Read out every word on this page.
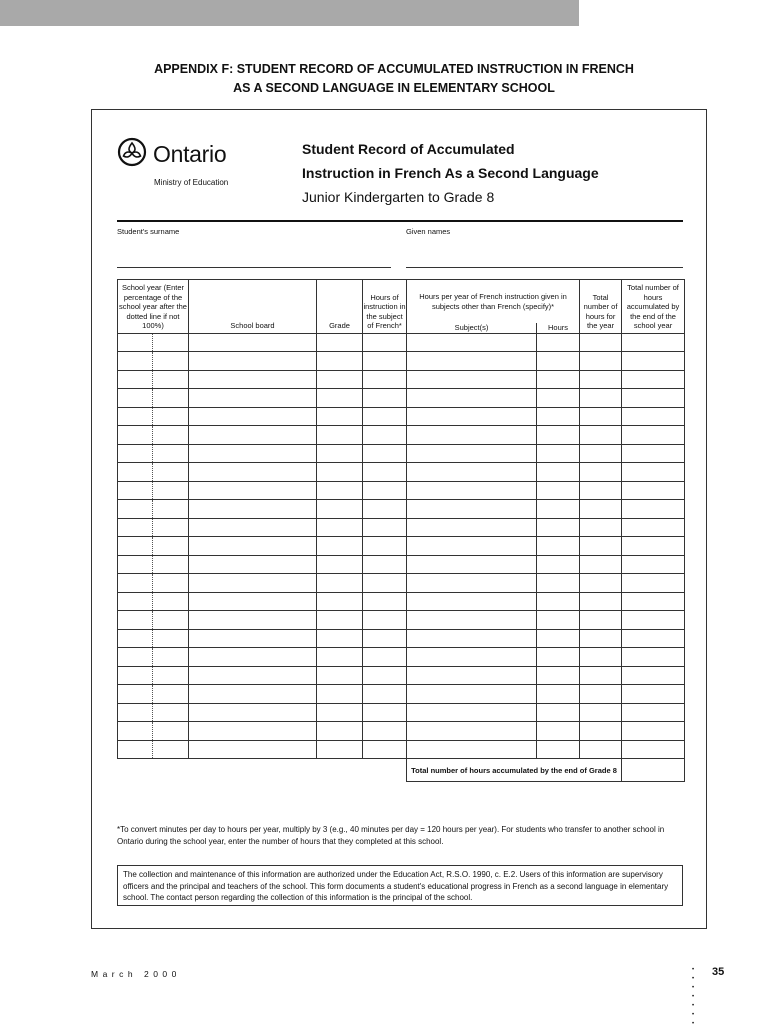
APPENDIX F: STUDENT RECORD OF ACCUMULATED INSTRUCTION IN FRENCH
AS A SECOND LANGUAGE IN ELEMENTARY SCHOOL
Ontario
Ministry of Education
Student Record of Accumulated
Instruction in French As a Second Language
Junior Kindergarten to Grade 8
Student's surname	Given names
School year (Enter percentage of the school year after the dotted line if not 100%)		School board	Grade	Hours of instruction in the subject of French*	Hours per year of French instruction given in subjects other than French (specify)*		Total number of hours for the year	Total number of hours accumulated by the end of the school year
					Subject(s)	Hours		

					Total number of hours accumulated by the end of Grade 8			
*To convert minutes per day to hours per year, multiply by 3 (e.g., 40 minutes per day = 120 hours per year). For students who transfer to another school in Ontario during the school year, enter the number of hours that they completed at this school.
The collection and maintenance of this information are authorized under the Education Act, R.S.O. 1990, c. E.2. Users of this information are supervisory officers and the principal and teachers of the school. This form documents a student's educational progress in French as a second language in elementary school. The contact person regarding the collection of this information is the principal of the school.
March 2000	•
•
•
•
•
•
•
35
